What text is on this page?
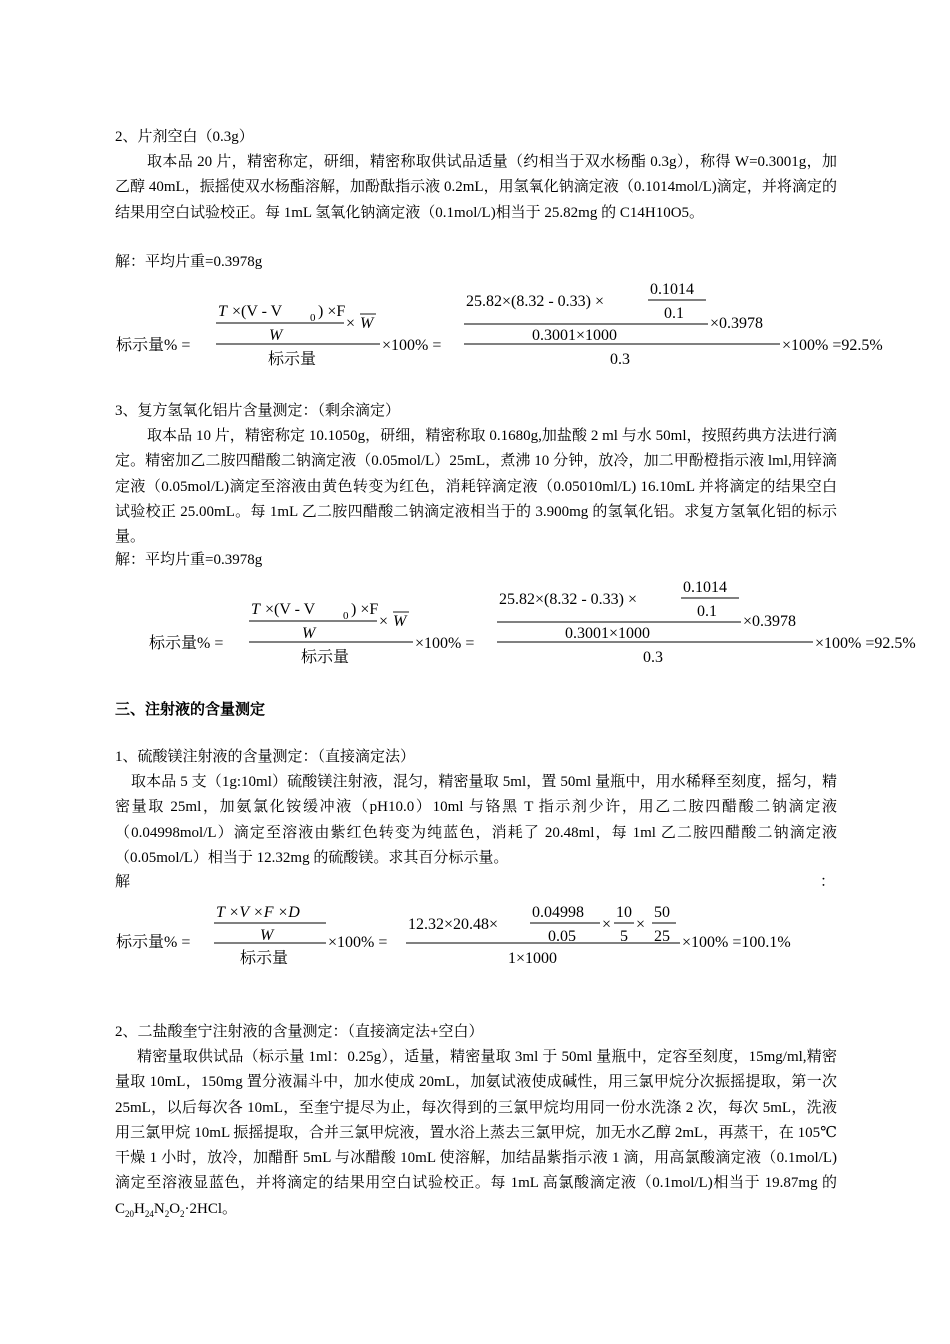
2、片剂空白（0.3g）
取本品 20 片，精密称定，研细，精密称取供试品适量（约相当于双水杨酯 0.3g），称得 W=0.3001g，加乙醇 40mL，振摇使双水杨酯溶解，加酚酞指示液 0.2mL，用氢氧化钠滴定液（0.1014mol/L)滴定，并将滴定的结果用空白试验校正。每 1mL 氢氧化钠滴定液（0.1mol/L)相当于 25.82mg 的 C14H10O5。
解：平均片重=0.3978g
标示量% =
T ×(V - V	0 ) ×F
W
× W
标示量
×100% =
25.82×(8.32 - 0.33) ×
0.1014
0.1
0.3001×1000
×0.3978
0.3
×100% =92.5%
3、复方氢氧化铝片含量测定：（剩余滴定）
取本品 10 片，精密称定 10.1050g，研细，精密称取 0.1680g,加盐酸 2 ml 与水 50ml，按照药典方法进行滴定。精密加乙二胺四醋酸二钠滴定液（0.05mol/L）25mL，煮沸 10 分钟，放冷，加二甲酚橙指示液 lml,用锌滴定液（0.05mol/L)滴定至溶液由黄色转变为红色，消耗锌滴定液（0.05010ml/L) 16.10mL 并将滴定的结果空白试验校正 25.00mL。每 1mL 乙二胺四醋酸二钠滴定液相当于的 3.900mg 的氢氧化铝。求复方氢氧化铝的标示量。
解：平均片重=0.3978g
标示量% =
T ×(V - V	0 ) ×F
W
× W
标示量
×100% =
25.82×(8.32 - 0.33) ×
0.1014
0.1
0.3001×1000
×0.3978
0.3
×100% =92.5%
三、注射液的含量测定
1、硫酸镁注射液的含量测定：（直接滴定法）
取本品 5 支（1g:10ml）硫酸镁注射液，混匀，精密量取 5ml，置 50ml 量瓶中，用水稀释至刻度，摇匀，精密量取 25ml，加氨氯化铵缓冲液（pH10.0）10ml 与铬黑 T 指示剂少许，用乙二胺四醋酸二钠滴定液（0.04998mol/L）滴定至溶液由紫红色转变为纯蓝色，消耗了 20.48ml，每 1ml 乙二胺四醋酸二钠滴定液（0.05mol/L）相当于 12.32mg 的硫酸镁。求其百分标示量。
解	：
标示量% =
T ×V ×F ×D
W
标示量
×100% =
12.32×20.48×
0.04998
0.05
×
10
5
×
50
25
1×1000
×100% =100.1%
2、二盐酸奎宁注射液的含量测定：（直接滴定法+空白）
精密量取供试品（标示量 1ml：0.25g），适量，精密量取 3ml 于 50ml 量瓶中，定容至刻度，15mg/ml,精密量取 10mL，150mg 置分液漏斗中，加水使成 20mL，加氨试液使成碱性，用三氯甲烷分次振摇提取，第一次 25mL，以后每次各 10mL，至奎宁提尽为止，每次得到的三氯甲烷均用同一份水洗涤 2 次，每次 5mL，洗液用三氯甲烷 10mL 振摇提取，合并三氯甲烷液，置水浴上蒸去三氯甲烷，加无水乙醇 2mL，再蒸干，在 105℃干燥 1 小时，放冷，加醋酐 5mL 与冰醋酸 10mL 使溶解，加结晶紫指示液 1 滴，用高氯酸滴定液（0.1mol/L)滴定至溶液显蓝色，并将滴定的结果用空白试验校正。每 1mL 高氯酸滴定液（0.1mol/L)相当于 19.87mg 的 $C_{20}H_{24}N_2O_2\cdot 2HCl$。
